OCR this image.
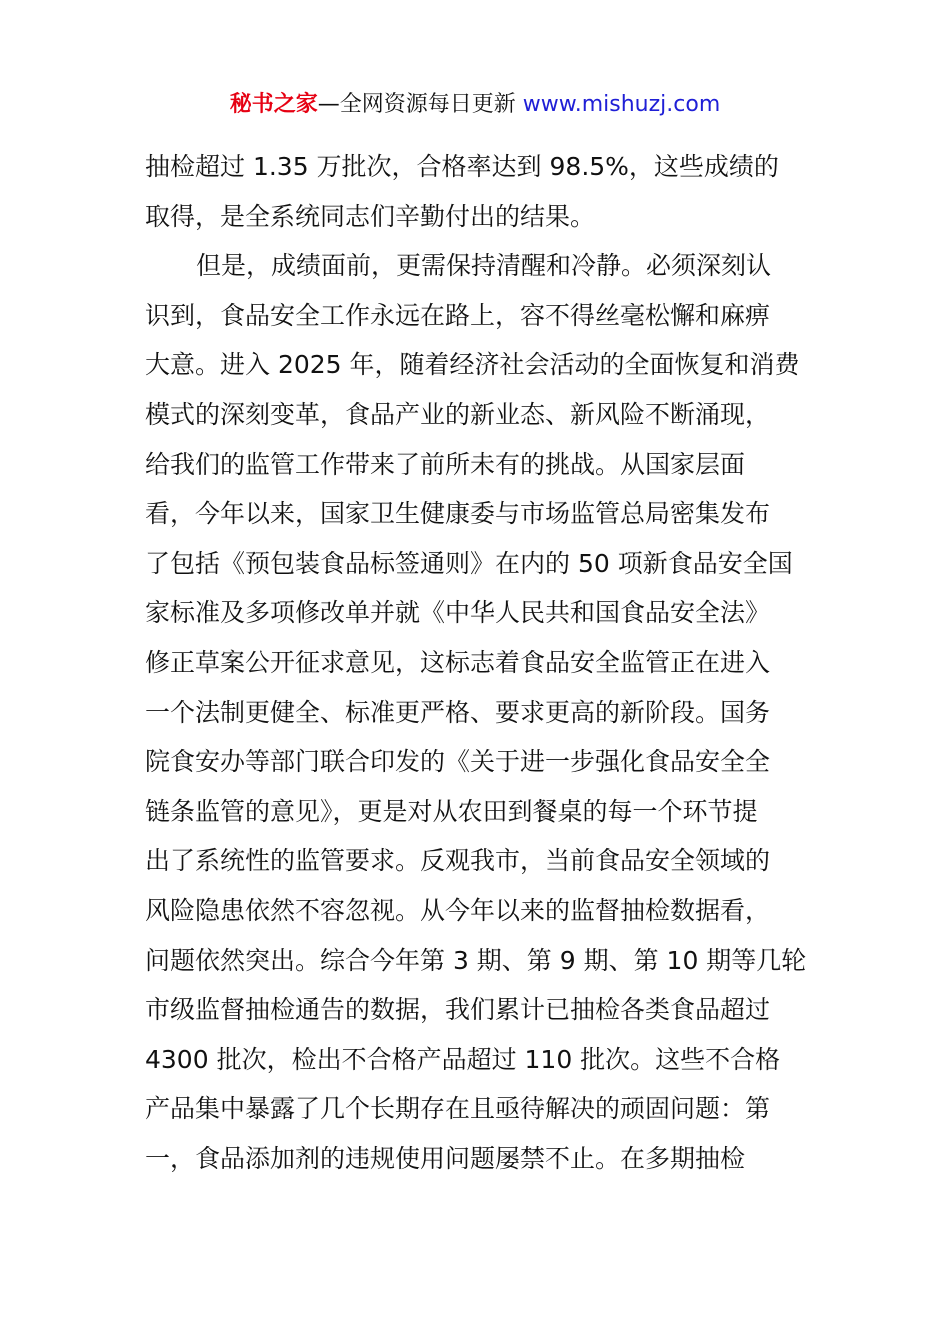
秘书之家—全网资源每日更新 www.mishuzj.com
抽检超过 1.35 万批次，合格率达到 98.5%，这些成绩的
取得，是全系统同志们辛勤付出的结果。
但是，成绩面前，更需保持清醒和冷静。必须深刻认
识到，食品安全工作永远在路上，容不得丝毫松懈和麻痹
大意。进入 2025 年，随着经济社会活动的全面恢复和消费
模式的深刻变革，食品产业的新业态、新风险不断涌现，
给我们的监管工作带来了前所未有的挑战。从国家层面
看，今年以来，国家卫生健康委与市场监管总局密集发布
了包括《预包装食品标签通则》在内的 50 项新食品安全国
家标准及多项修改单并就《中华人民共和国食品安全法》
修正草案公开征求意见，这标志着食品安全监管正在进入
一个法制更健全、标准更严格、要求更高的新阶段。国务
院食安办等部门联合印发的《关于进一步强化食品安全全
链条监管的意见》，更是对从农田到餐桌的每一个环节提
出了系统性的监管要求。反观我市，当前食品安全领域的
风险隐患依然不容忽视。从今年以来的监督抽检数据看，
问题依然突出。综合今年第 3 期、第 9 期、第 10 期等几轮
市级监督抽检通告的数据，我们累计已抽检各类食品超过
4300 批次，检出不合格产品超过 110 批次。这些不合格
产品集中暴露了几个长期存在且亟待解决的顽固问题：第
一，食品添加剂的违规使用问题屡禁不止。在多期抽检
